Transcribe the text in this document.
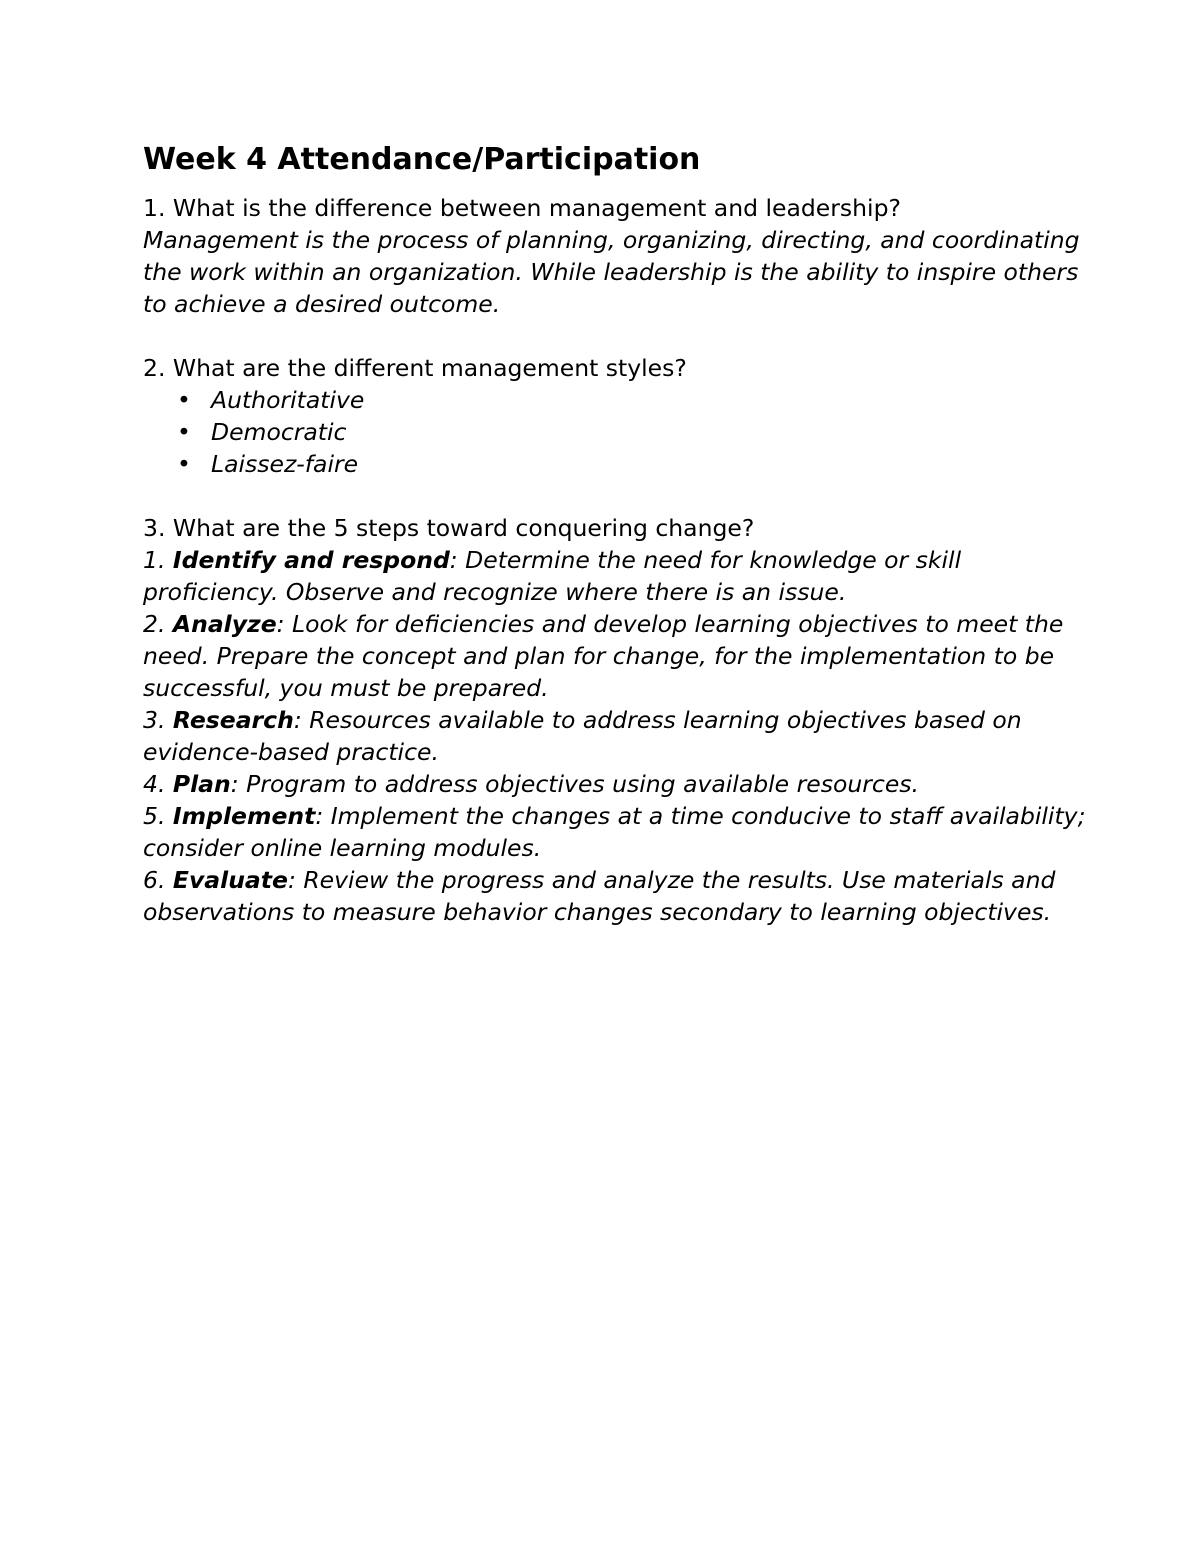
Week 4 Attendance/Participation

1. What is the difference between management and leadership?

Management is the process of planning, organizing, directing, and coordinating the work within an organization. While leadership is the ability to inspire others to achieve a desired outcome.

2. What are the different management styles?

• Authoritative
• Democratic
• Laissez-faire

3. What are the 5 steps toward conquering change?

1. Identify and respond: Determine the need for knowledge or skill proficiency. Observe and recognize where there is an issue.

2. Analyze: Look for deficiencies and develop learning objectives to meet the need. Prepare the concept and plan for change, for the implementation to be successful, you must be prepared.

3. Research: Resources available to address learning objectives based on evidence-based practice.

4. Plan: Program to address objectives using available resources.

5. Implement: Implement the changes at a time conducive to staff availability; consider online learning modules.

6. Evaluate: Review the progress and analyze the results. Use materials and observations to measure behavior changes secondary to learning objectives.
